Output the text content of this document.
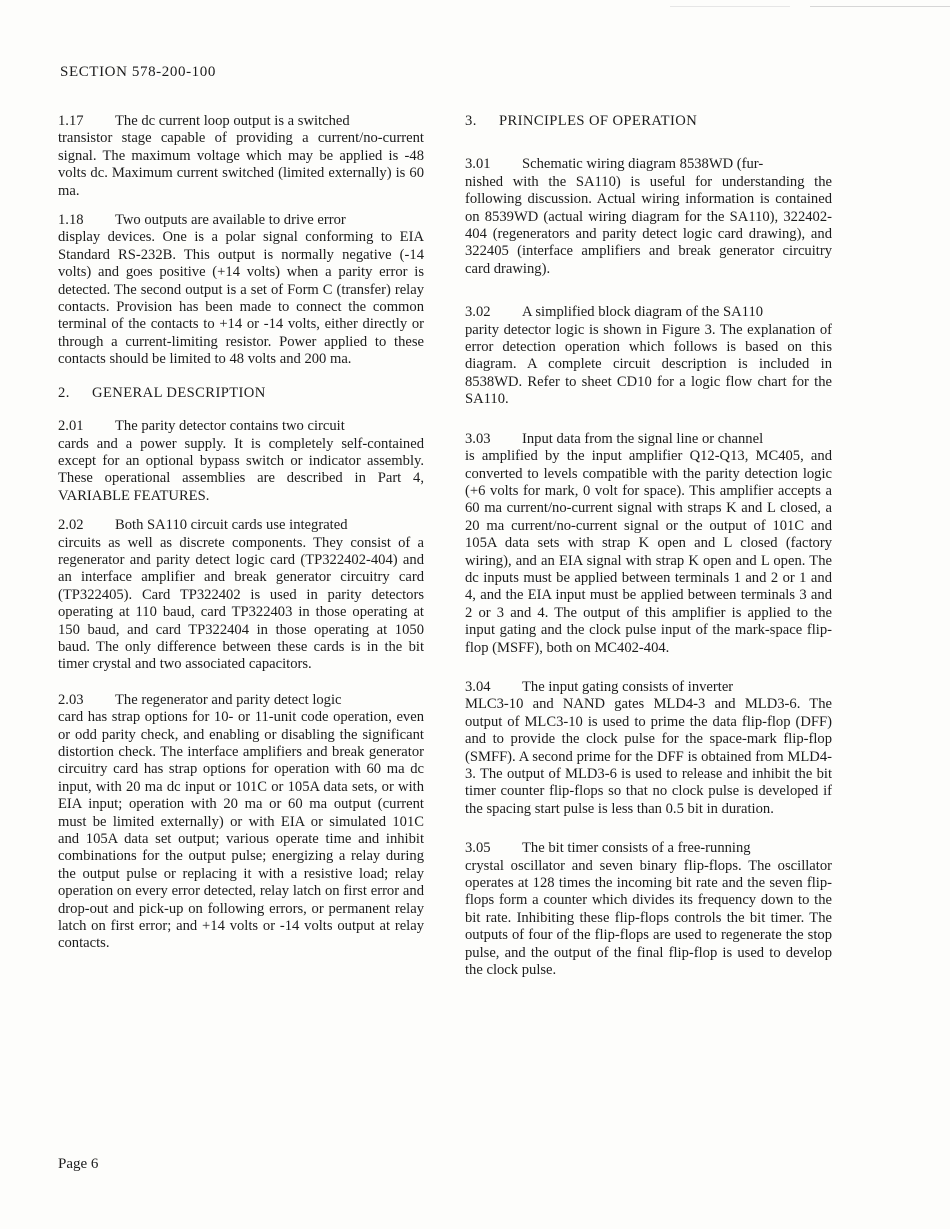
SECTION 578-200-100
1.17 The dc current loop output is a switched
transistor stage capable of providing a current/no-current signal. The maximum voltage which may be applied is -48 volts dc. Maximum current switched (limited externally) is 60 ma.
1.18 Two outputs are available to drive error
display devices. One is a polar signal conforming to EIA Standard RS-232B. This output is normally negative (-14 volts) and goes positive (+14 volts) when a parity error is detected. The second output is a set of Form C (transfer) relay contacts. Provision has been made to connect the common terminal of the contacts to +14 or -14 volts, either directly or through a current-limiting resistor. Power applied to these contacts should be limited to 48 volts and 200 ma.
2. GENERAL DESCRIPTION
2.01 The parity detector contains two circuit
cards and a power supply. It is completely self-contained except for an optional bypass switch or indicator assembly. These operational assemblies are described in Part 4, VARIABLE FEATURES.
2.02 Both SA110 circuit cards use integrated
circuits as well as discrete components. They consist of a regenerator and parity detect logic card (TP322402-404) and an interface amplifier and break generator circuitry card (TP322405). Card TP322402 is used in parity detectors operating at 110 baud, card TP322403 in those operating at 150 baud, and card TP322404 in those operating at 1050 baud. The only difference between these cards is in the bit timer crystal and two associated capacitors.
2.03 The regenerator and parity detect logic
card has strap options for 10- or 11-unit code operation, even or odd parity check, and enabling or disabling the significant distortion check. The interface amplifiers and break generator circuitry card has strap options for operation with 60 ma dc input, with 20 ma dc input or 101C or 105A data sets, or with EIA input; operation with 20 ma or 60 ma output (current must be limited externally) or with EIA or simulated 101C and 105A data set output; various operate time and inhibit combinations for the output pulse; energizing a relay during the output pulse or replacing it with a resistive load; relay operation on every error detected, relay latch on first error and drop-out and pick-up on following errors, or permanent relay latch on first error; and +14 volts or -14 volts output at relay contacts.
3. PRINCIPLES OF OPERATION
3.01 Schematic wiring diagram 8538WD (fur-
nished with the SA110) is useful for understanding the following discussion. Actual wiring information is contained on 8539WD (actual wiring diagram for the SA110), 322402-404 (regenerators and parity detect logic card drawing), and 322405 (interface amplifiers and break generator circuitry card drawing).
3.02 A simplified block diagram of the SA110
parity detector logic is shown in Figure 3. The explanation of error detection operation which follows is based on this diagram. A complete circuit description is included in 8538WD. Refer to sheet CD10 for a logic flow chart for the SA110.
3.03 Input data from the signal line or channel
is amplified by the input amplifier Q12-Q13, MC405, and converted to levels compatible with the parity detection logic (+6 volts for mark, 0 volt for space). This amplifier accepts a 60 ma current/no-current signal with straps K and L closed, a 20 ma current/no-current signal or the output of 101C and 105A data sets with strap K open and L closed (factory wiring), and an EIA signal with strap K open and L open. The dc inputs must be applied between terminals 1 and 2 or 1 and 4, and the EIA input must be applied between terminals 3 and 2 or 3 and 4. The output of this amplifier is applied to the input gating and the clock pulse input of the mark-space flip-flop (MSFF), both on MC402-404.
3.04 The input gating consists of inverter
MLC3-10 and NAND gates MLD4-3 and MLD3-6. The output of MLC3-10 is used to prime the data flip-flop (DFF) and to provide the clock pulse for the space-mark flip-flop (SMFF). A second prime for the DFF is obtained from MLD4-3. The output of MLD3-6 is used to release and inhibit the bit timer counter flip-flops so that no clock pulse is developed if the spacing start pulse is less than 0.5 bit in duration.
3.05 The bit timer consists of a free-running
crystal oscillator and seven binary flip-flops. The oscillator operates at 128 times the incoming bit rate and the seven flip-flops form a counter which divides its frequency down to the bit rate. Inhibiting these flip-flops controls the bit timer. The outputs of four of the flip-flops are used to regenerate the stop pulse, and the output of the final flip-flop is used to develop the clock pulse.
Page 6
